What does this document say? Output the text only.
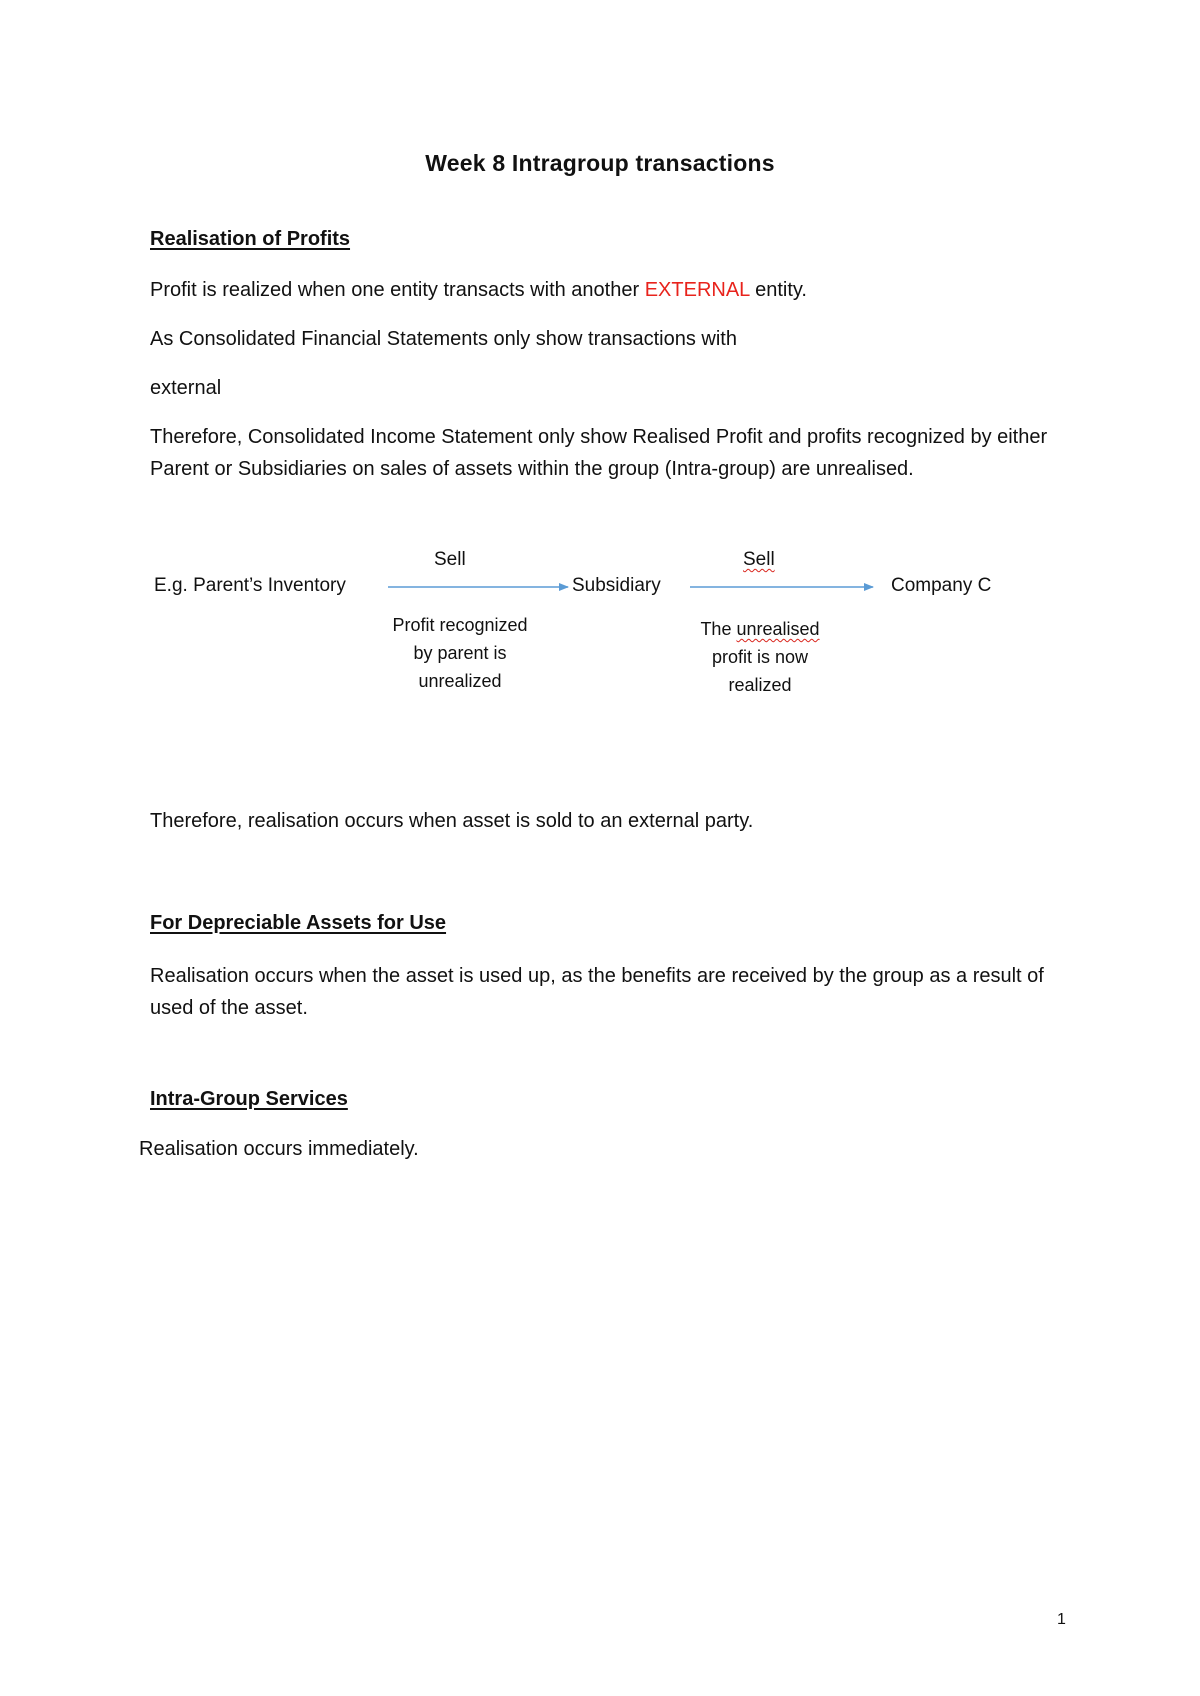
Week 8 Intragroup transactions
Realisation of Profits
Profit is realized when one entity transacts with another EXTERNAL entity.
As Consolidated Financial Statements only show transactions with
external
Therefore, Consolidated Income Statement only show Realised Profit and profits recognized by either Parent or Subsidiaries on sales of assets within the group (Intra-group) are unrealised.
E.g. Parent’s Inventory
Sell
Subsidiary
Sell
Company C
Profit recognized by parent is unrealized
The unrealised profit is now realized
Therefore, realisation occurs when asset is sold to an external party.
For Depreciable Assets for Use
Realisation occurs when the asset is used up, as the benefits are received by the group as a result of used of the asset.
Intra-Group Services
Realisation occurs immediately.
1
